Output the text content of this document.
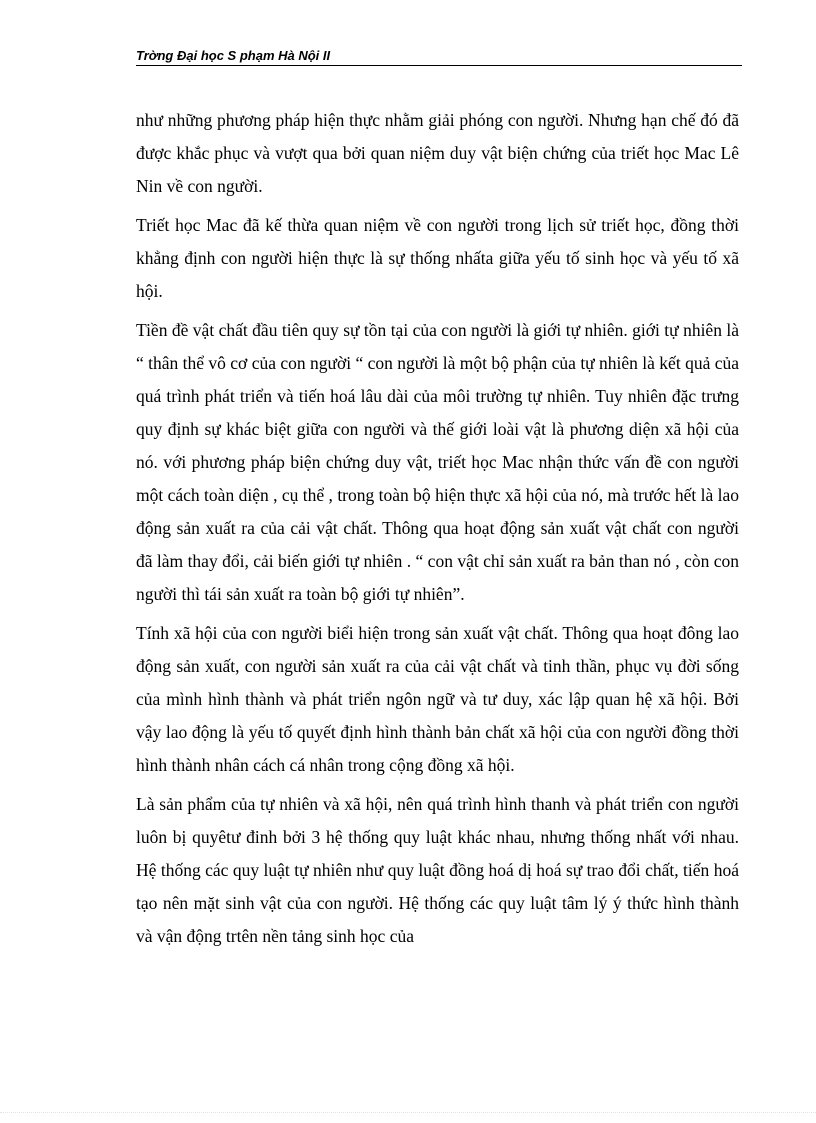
Trờng Đại học S phạm Hà Nội II

như những phương pháp hiện thực nhằm giải phóng con người. Nhưng hạn chế đó đã được khắc phục và vượt qua bởi quan niệm duy vật biện chứng của triết học Mac Lê Nin về con người.

Triết học Mac đã kế thừa quan niệm về con người trong lịch sử triết học, đồng thời khẳng định con người hiện thực là sự thống nhấta giữa yếu tố sinh học và yếu tố xã hội.

Tiền đề vật chất đầu tiên quy sự tồn tại của con người là giới tự nhiên. giới tự nhiên là “ thân thể vô cơ của con người “ con người là một bộ phận của tự nhiên là kết quả của quá trình phát triển và tiến hoá lâu dài của môi trường tự nhiên. Tuy nhiên đặc trưng quy định sự khác biệt giữa con người và thế giới loài vật là phương diện xã hội của nó. với phương pháp biện chứng duy vật, triết học Mac nhận thức vấn đề con người một cách toàn diện , cụ thể , trong toàn bộ hiện thực xã hội của nó, mà trước hết là lao động sản xuất ra của cải vật chất. Thông qua hoạt động sản xuất vật chất con người đã làm thay đổi, cải biến giới tự nhiên . “ con vật chỉ sản xuất ra bản than nó , còn con người thì tái sản xuất ra toàn bộ giới tự nhiên”.

Tính xã hội của con người biểi hiện trong sản xuất vật chất. Thông qua hoạt đông lao động sản xuất, con người sản xuất ra của cải vật chất và tinh thần, phục vụ đời sống của mình hình thành và phát triển ngôn ngữ và tư duy, xác lập quan hệ xã hội. Bởi vậy lao động là yếu tố quyết định hình thành bản chất xã hội của con người đồng thời hình thành nhân cách cá nhân trong cộng đồng xã hội.

Là sản phẩm của tự nhiên và xã hội, nên quá trình hình thanh và phát triển con người luôn bị quyêtư đinh bởi 3 hệ thống quy luật khác nhau, nhưng thống nhất với nhau. Hệ thống các quy luật tự nhiên như quy luật đồng hoá dị hoá sự trao đổi chất, tiến hoá tạo nên mặt sinh vật của con người. Hệ thống các quy luật tâm lý ý thức hình thành và vận động trtên nền tảng sinh học của
